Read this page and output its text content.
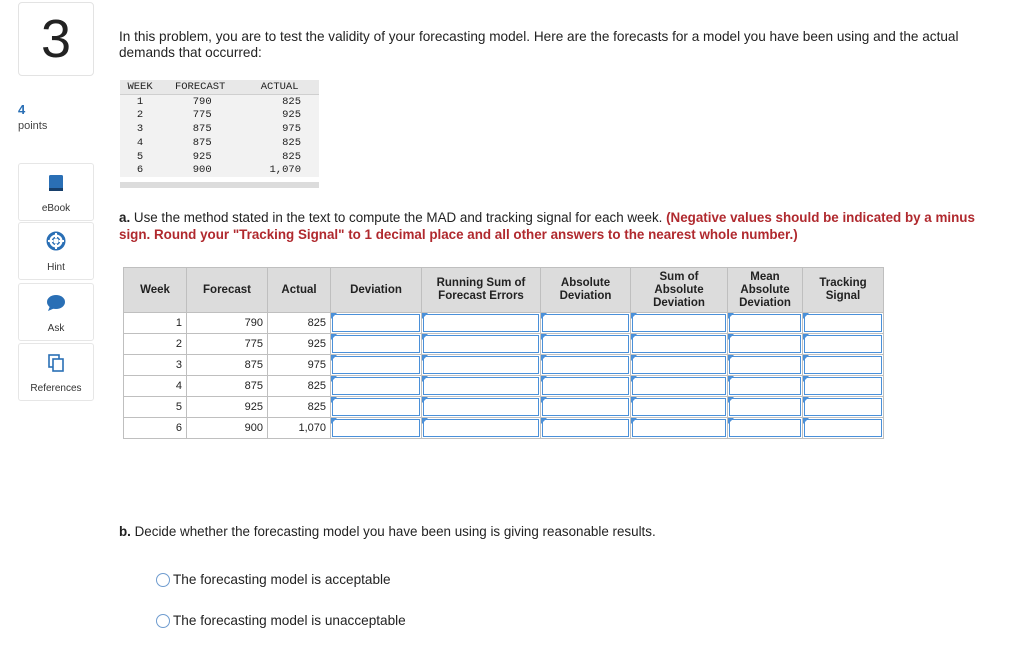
3
4
points
eBook
Hint
Ask
References
In this problem, you are to test the validity of your forecasting model. Here are the forecasts for a model you have been using and the actual demands that occurred:
WEEK	FORECAST	ACTUAL
1	790	825
2	775	925
3	875	975
4	875	825
5	925	825
6	900	1,070
a. Use the method stated in the text to compute the MAD and tracking signal for each week. (Negative values should be indicated by a minus sign. Round your "Tracking Signal" to 1 decimal place and all other answers to the nearest whole number.)
Week	Forecast	Actual	Deviation	Running Sum of Forecast Errors	Absolute Deviation	Sum of Absolute Deviation	Mean Absolute Deviation	Tracking Signal
1	790	825	

2	775	925	

3	875	975	

4	875	825	

5	925	825	

6	900	1,070	

b. Decide whether the forecasting model you have been using is giving reasonable results.
The forecasting model is acceptable
The forecasting model is unacceptable
